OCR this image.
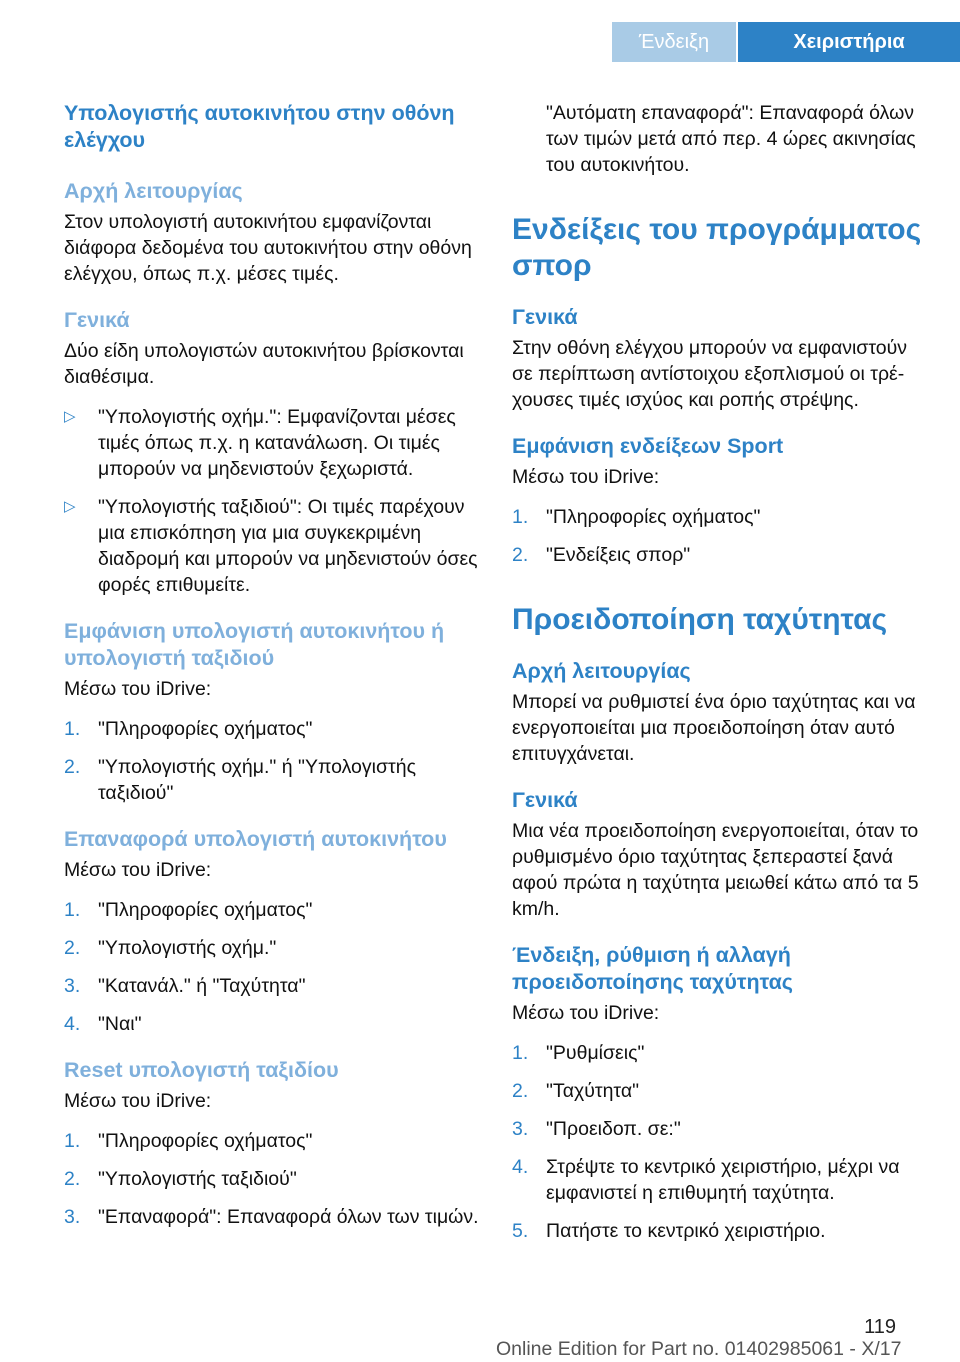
Ένδειξη	Χειριστήρια
Υπολογιστής αυτοκινήτου στην οθόνη ελέγχου
Αρχή λειτουργίας
Στον υπολογιστή αυτοκινήτου εμφανίζονται διάφορα δεδομένα του αυτοκινήτου στην οθόνη ελέγχου, όπως π.χ. μέσες τιμές.
Γενικά
Δύο είδη υπολογιστών αυτοκινήτου βρίσκονται διαθέσιμα.
▷ "Υπολογιστής οχήμ.": Εμφανίζονται μέσες τιμές όπως π.χ. η κατανάλωση. Οι τιμές μπορούν να μηδενιστούν ξεχωριστά.
▷ "Υπολογιστής ταξιδιού": Οι τιμές παρέχουν μια επισκόπηση για μια συγκεκριμένη διαδρομή και μπορούν να μηδενιστούν όσες φορές επιθυμείτε.
Εμφάνιση υπολογιστή αυτοκινήτου ή υπολογιστή ταξιδιού
Μέσω του iDrive:
1. "Πληροφορίες οχήματος"
2. "Υπολογιστής οχήμ." ή "Υπολογιστής ταξιδιού"
Επαναφορά υπολογιστή αυτοκινήτου
Μέσω του iDrive:
1. "Πληροφορίες οχήματος"
2. "Υπολογιστής οχήμ."
3. "Κατανάλ." ή "Ταχύτητα"
4. "Ναι"
Reset υπολογιστή ταξιδίου
Μέσω του iDrive:
1. "Πληροφορίες οχήματος"
2. "Υπολογιστής ταξιδιού"
3. "Επαναφορά": Επαναφορά όλων των τιμών.
"Αυτόματη επαναφορά": Επαναφορά όλων των τιμών μετά από περ. 4 ώρες ακινησίας του αυτοκινήτου.
Ενδείξεις του προγράμματος σπορ
Γενικά
Στην οθόνη ελέγχου μπορούν να εμφανιστούν σε περίπτωση αντίστοιχου εξοπλισμού οι τρέχουσες τιμές ισχύος και ροπής στρέψης.
Εμφάνιση ενδείξεων Sport
Μέσω του iDrive:
1. "Πληροφορίες οχήματος"
2. "Ενδείξεις σπορ"
Προειδοποίηση ταχύτητας
Αρχή λειτουργίας
Μπορεί να ρυθμιστεί ένα όριο ταχύτητας και να ενεργοποιείται μια προειδοποίηση όταν αυτό επιτυγχάνεται.
Γενικά
Μια νέα προειδοποίηση ενεργοποιείται, όταν το ρυθμισμένο όριο ταχύτητας ξεπεραστεί ξανά αφού πρώτα η ταχύτητα μειωθεί κάτω από τα 5 km/h.
Ένδειξη, ρύθμιση ή αλλαγή προειδοποίησης ταχύτητας
Μέσω του iDrive:
1. "Ρυθμίσεις"
2. "Ταχύτητα"
3. "Προειδοπ. σε:"
4. Στρέψτε το κεντρικό χειριστήριο, μέχρι να εμφανιστεί η επιθυμητή ταχύτητα.
5. Πατήστε το κεντρικό χειριστήριο.
119
Online Edition for Part no. 01402985061 - X/17
